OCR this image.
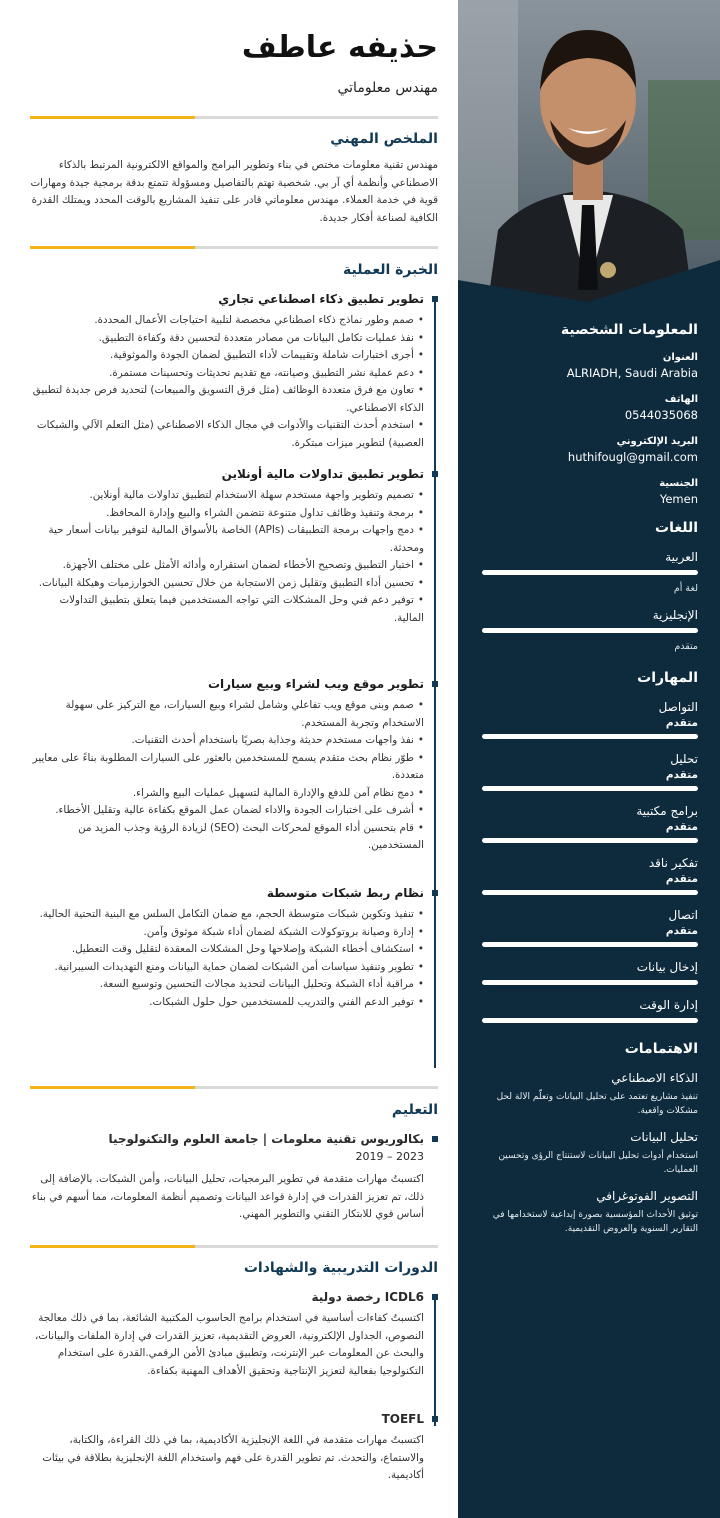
المعلومات الشخصية
العنوان
ALRIADH, Saudi Arabia
الهاتف
0544035068
البريد الإلكتروني
huthifougl@gmail.com
الجنسية
Yemen
اللغات
العربية
لغة أم
الإنجليزية
متقدم
المهارات
التواصل
متقدم
تحليل
متقدم
برامج مكتبية
متقدم
تفكير ناقد
متقدم
اتصال
متقدم
إدخال بيانات
إدارة الوقت
الاهتمامات
الذكاء الاصطناعي
تنفيذ مشاريع تعتمد على تحليل البيانات وتعلّم الالة لحل مشكلات واقعية.
تحليل البيانات
استخدام أدوات تحليل البيانات لاستنتاج الرؤى وتحسين العمليات.
التصوير الفوتوغرافي
توثيق الأحداث المؤسسية بصورة إبداعية لاستخدامها في التقارير السنوية والعروض التقديمية.
حذيفه عاطف
مهندس معلوماتي
الملخص المهني

مهندس تقنية معلومات مختص في بناء وتطوير البرامج والمواقع الالكترونية المرتبط بالذكاء الاصطناعي وأنظمة أي آر بي. شخصية تهتم بالتفاصيل ومسؤولة تتمتع بدقة برمجية جيدة ومهارات قوية في خدمة العملاء. مهندس معلوماتي قادر على تنفيذ المشاريع بالوقت المحدد ويمتلك القدرة الكافية لصناعة أفكار جديدة.

الخبرة العملية
تطوير تطبيق ذكاء اصطناعي تجاري
• صمم وطور نماذج ذكاء اصطناعي مخصصة لتلبية احتياجات الأعمال المحددة.
• نفذ عمليات تكامل البيانات من مصادر متعددة لتحسين دقة وكفاءة التطبيق.
• أجرى اختبارات شاملة وتقييمات لأداء التطبيق لضمان الجودة والموثوقية.
• دعم عملية نشر التطبيق وصيانته، مع تقديم تحديثات وتحسينات مستمرة.
• تعاون مع فرق متعددة الوظائف (مثل فرق التسويق والمبيعات) لتحديد فرص جديدة لتطبيق الذكاء الاصطناعي.
• استخدم أحدث التقنيات والأدوات في مجال الذكاء الاصطناعي (مثل التعلم الآلي والشبكات العصبية) لتطوير ميزات مبتكرة.
تطوير تطبيق تداولات مالية أونلاين
• تصميم وتطوير واجهة مستخدم سهلة الاستخدام لتطبيق تداولات مالية أونلاين.
• برمجة وتنفيذ وظائف تداول متنوعة تتضمن الشراء والبيع وإدارة المحافظ.
• دمج واجهات برمجة التطبيقات (APIs) الخاصة بالأسواق المالية لتوفير بيانات أسعار حية ومحدثة.
• اختبار التطبيق وتصحيح الأخطاء لضمان استقراره وأدائه الأمثل على مختلف الأجهزة.
• تحسين أداء التطبيق وتقليل زمن الاستجابة من خلال تحسين الخوارزميات وهيكلة البيانات.
• توفير دعم فني وحل المشكلات التي تواجه المستخدمين فيما يتعلق بتطبيق التداولات المالية.
تطوير موقع ويب لشراء وبيع سيارات
• صمم وبنى موقع ويب تفاعلي وشامل لشراء وبيع السيارات، مع التركيز على سهولة الاستخدام وتجربة المستخدم.
• نفذ واجهات مستخدم حديثة وجذابة بصريًا باستخدام أحدث التقنيات.
• طوّر نظام بحث متقدم يسمح للمستخدمين بالعثور على السيارات المطلوبة بناءً على معايير متعددة.
• دمج نظام آمن للدفع والإدارة المالية لتسهيل عمليات البيع والشراء.
• أشرف على اختبارات الجودة والاداء لضمان عمل الموقع بكفاءة عالية وتقليل الأخطاء.
• قام بتحسين أداء الموقع لمحركات البحث (SEO) لزيادة الرؤية وجذب المزيد من المستخدمين.
نظام ربط شبكات متوسطة
• تنفيذ وتكوين شبكات متوسطة الحجم، مع ضمان التكامل السلس مع البنية التحتية الحالية.
• إدارة وصيانة بروتوكولات الشبكة لضمان أداء شبكة موثوق وآمن.
• استكشاف أخطاء الشبكة وإصلاحها وحل المشكلات المعقدة لتقليل وقت التعطيل.
• تطوير وتنفيذ سياسات أمن الشبكات لضمان حماية البيانات ومنع التهديدات السيبرانية.
• مراقبة أداء الشبكة وتحليل البيانات لتحديد مجالات التحسين وتوسيع السعة.
• توفير الدعم الفني والتدريب للمستخدمين حول حلول الشبكات.
التعليم
بكالوريوس تقنية معلومات | جامعة العلوم والتكنولوجيا
2019 – 2023

اكتسبتُ مهارات متقدمة في تطوير البرمجيات، تحليل البيانات، وأمن الشبكات. بالإضافة إلى ذلك، تم تعزيز القدرات في إدارة قواعد البيانات وتصميم أنظمة المعلومات، مما أسهم في بناء أساس قوي للابتكار التقني والتطوير المهني.

الدورات التدريبية والشهادات
ICDL6 رخصة دولية

اكتسبتُ كفاءات أساسية في استخدام برامج الحاسوب المكتبية الشائعة، بما في ذلك معالجة النصوص، الجداول الإلكترونية، العروض التقديمية، تعزيز القدرات في إدارة الملفات والبيانات، والبحث عن المعلومات عبر الإنترنت، وتطبيق مبادئ الأمن الرقمي.القدرة على استخدام التكنولوجيا بفعالية لتعزيز الإنتاجية وتحقيق الأهداف المهنية بكفاءة.

TOEFL

اكتسبتُ مهارات متقدمة في اللغة الإنجليزية الأكاديمية، بما في ذلك القراءة، والكتابة، والاستماع، والتحدث. تم تطوير القدرة على فهم واستخدام اللغة الإنجليزية بطلاقة في بيئات أكاديمية.
